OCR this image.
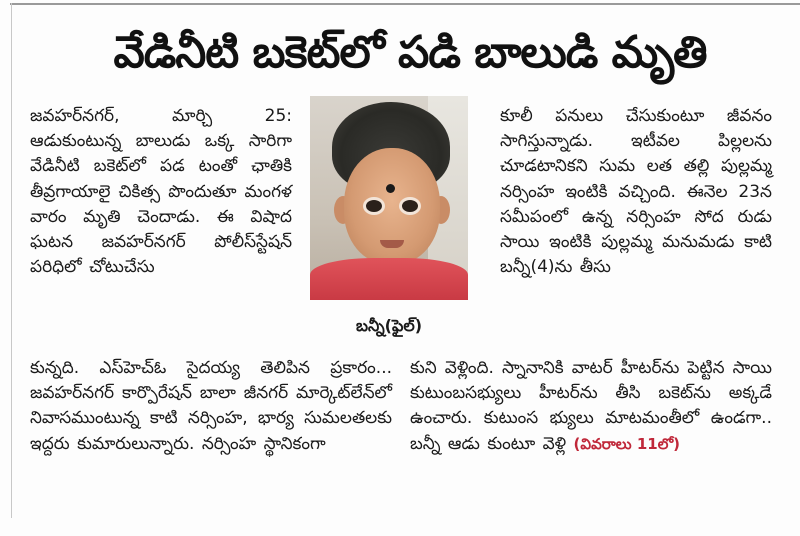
వేడినీటి బకెట్‌లో పడి బాలుడి మృతి

జవహర్‌నగర్‌, మార్చి 25: ఆడుకుంటున్న బాలుడు ఒక్క సారిగా వేడినీటి బకెట్‌లో పడ టంతో ఛాతికి తీవ్రగాయాలై చికిత్స పొందుతూ మంగళ వారం మృతి చెందాడు. ఈ విషాద ఘటన జవహర్‌నగర్‌ పోలీస్‌స్టేషన్‌ పరిధిలో చోటుచేసు

బన్నీ(ఫైల్‌)

కూలీ పనులు చేసుకుంటూ జీవనం సాగిస్తున్నాడు. ఇటీవల పిల్లలను చూడటానికని సుమ లత తల్లి పుల్లమ్మ నర్సింహ ఇంటికి వచ్చింది. ఈనెల 23న సమీపంలో ఉన్న నర్సింహ సోద రుడు సాయి ఇంటికి పుల్లమ్మ మనుమడు కాటి బన్నీ(4)ను తీసు

కున్నది. ఎస్‌హెచ్‌ఓ సైదయ్య తెలిపిన ప్రకారం... జవహర్‌నగర్‌ కార్పొరేషన్‌ బాలా జీనగర్‌ మార్కెట్‌లేన్‌లో నివాసముంటున్న కాటి నర్సింహ, భార్య సుమలతలకు ఇద్దరు కుమారులున్నారు. నర్సింహ స్థానికంగా

కుని వెళ్లింది. స్నానానికి వాటర్‌ హీటర్‌ను పెట్టిన సాయి కుటుంబసభ్యులు హీటర్‌ను తీసి బకెట్‌ను అక్కడే ఉంచారు. కుటుంస భ్యులు మాటమంతీలో ఉండగా.. బన్నీ ఆడు కుంటూ వెళ్లి (వివరాలు 11లో)
